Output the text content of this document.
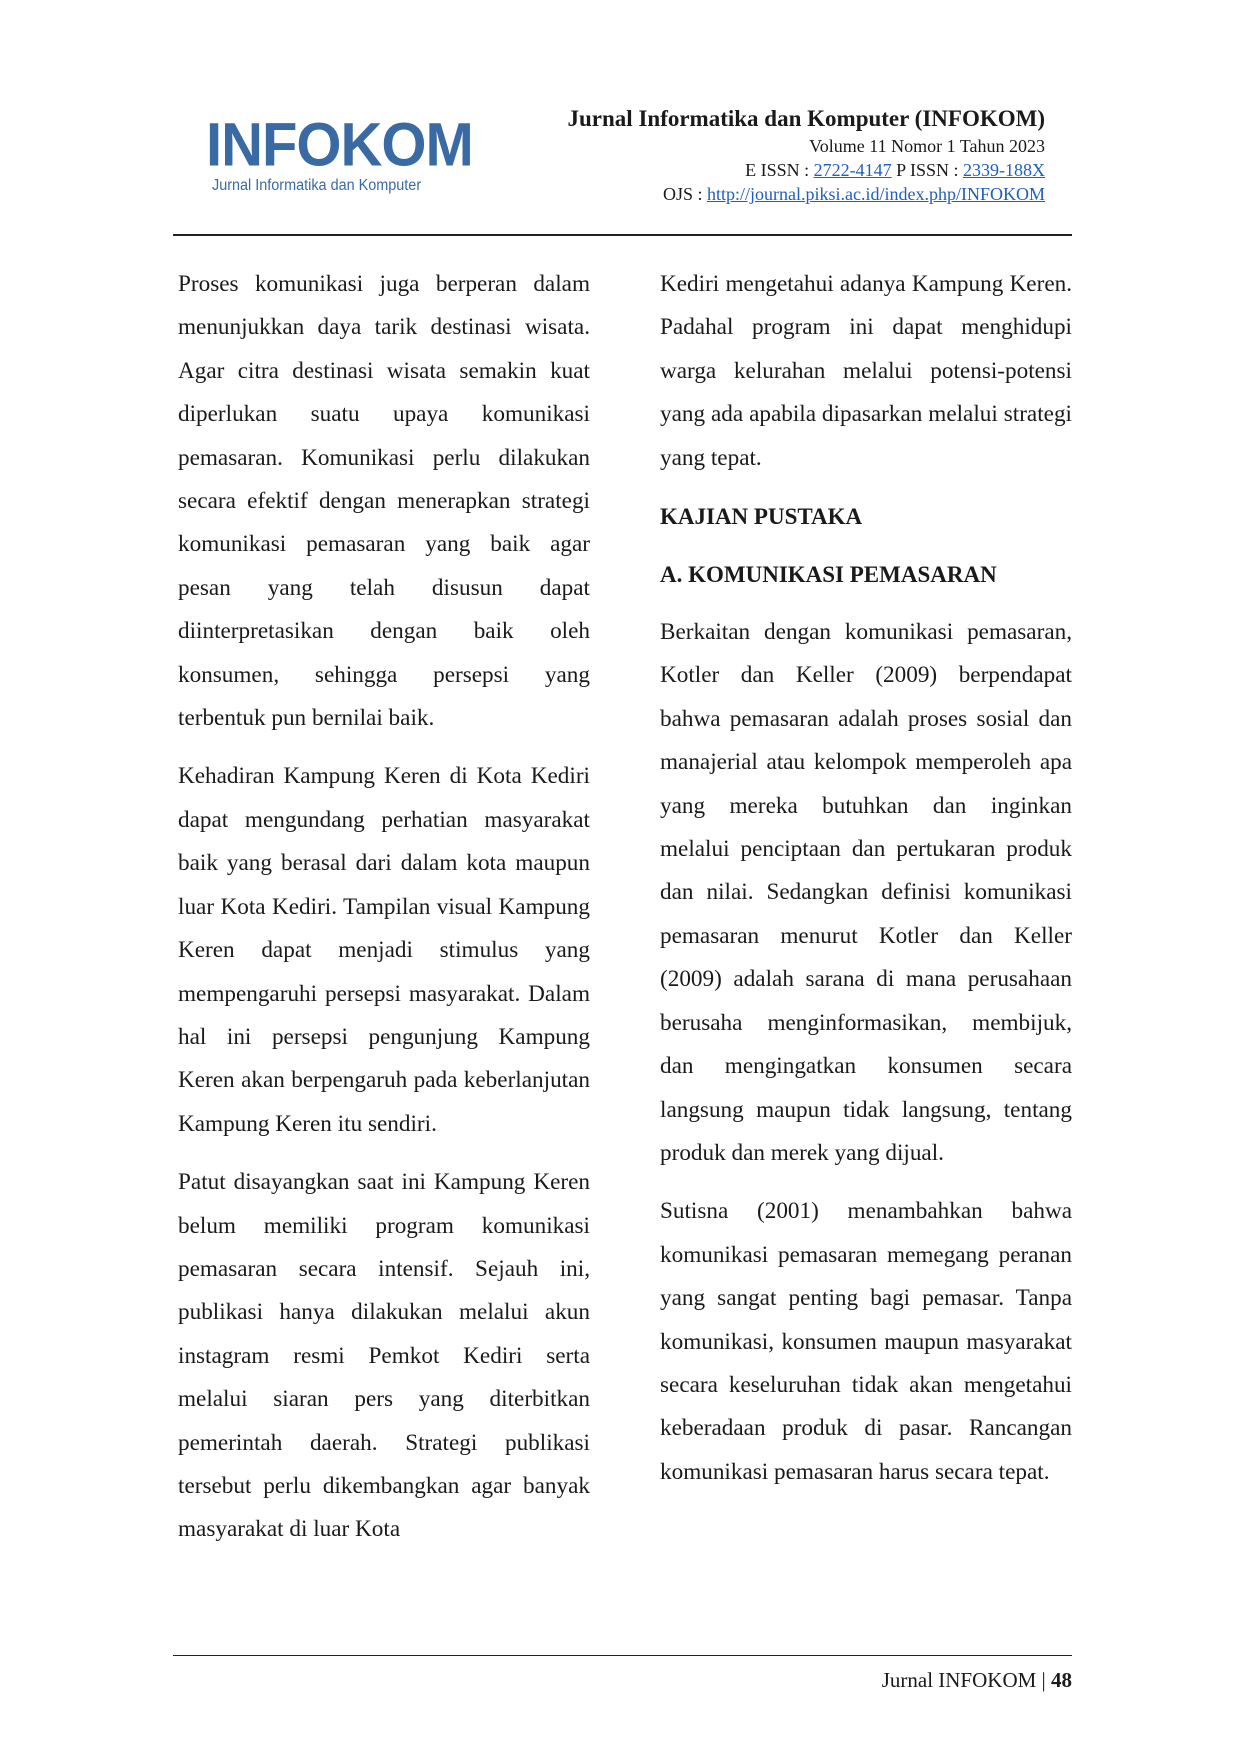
INFOKOM
Jurnal Informatika dan Komputer
Jurnal Informatika dan Komputer (INFOKOM)
Volume 11 Nomor 1 Tahun 2023
E ISSN : 2722-4147 P ISSN : 2339-188X
OJS : http://journal.piksi.ac.id/index.php/INFOKOM

Proses komunikasi juga berperan dalam menunjukkan daya tarik destinasi wisata. Agar citra destinasi wisata semakin kuat diperlukan suatu upaya komunikasi pemasaran. Komunikasi perlu dilakukan secara efektif dengan menerapkan strategi komunikasi pemasaran yang baik agar pesan yang telah disusun dapat diinterpretasikan dengan baik oleh konsumen, sehingga persepsi yang terbentuk pun bernilai baik.

Kehadiran Kampung Keren di Kota Kediri dapat mengundang perhatian masyarakat baik yang berasal dari dalam kota maupun luar Kota Kediri. Tampilan visual Kampung Keren dapat menjadi stimulus yang mempengaruhi persepsi masyarakat. Dalam hal ini persepsi pengunjung Kampung Keren akan berpengaruh pada keberlanjutan Kampung Keren itu sendiri.

Patut disayangkan saat ini Kampung Keren belum memiliki program komunikasi pemasaran secara intensif. Sejauh ini, publikasi hanya dilakukan melalui akun instagram resmi Pemkot Kediri serta melalui siaran pers yang diterbitkan pemerintah daerah. Strategi publikasi tersebut perlu dikembangkan agar banyak masyarakat di luar Kota

Kediri mengetahui adanya Kampung Keren. Padahal program ini dapat menghidupi warga kelurahan melalui potensi-potensi yang ada apabila dipasarkan melalui strategi yang tepat.

KAJIAN PUSTAKA
A. KOMUNIKASI PEMASARAN

Berkaitan dengan komunikasi pemasaran, Kotler dan Keller (2009) berpendapat bahwa pemasaran adalah proses sosial dan manajerial atau kelompok memperoleh apa yang mereka butuhkan dan inginkan melalui penciptaan dan pertukaran produk dan nilai. Sedangkan definisi komunikasi pemasaran menurut Kotler dan Keller (2009) adalah sarana di mana perusahaan berusaha menginformasikan, membijuk, dan mengingatkan konsumen secara langsung maupun tidak langsung, tentang produk dan merek yang dijual.

Sutisna (2001) menambahkan bahwa komunikasi pemasaran memegang peranan yang sangat penting bagi pemasar. Tanpa komunikasi, konsumen maupun masyarakat secara keseluruhan tidak akan mengetahui keberadaan produk di pasar. Rancangan komunikasi pemasaran harus secara tepat.

Jurnal INFOKOM | 48
